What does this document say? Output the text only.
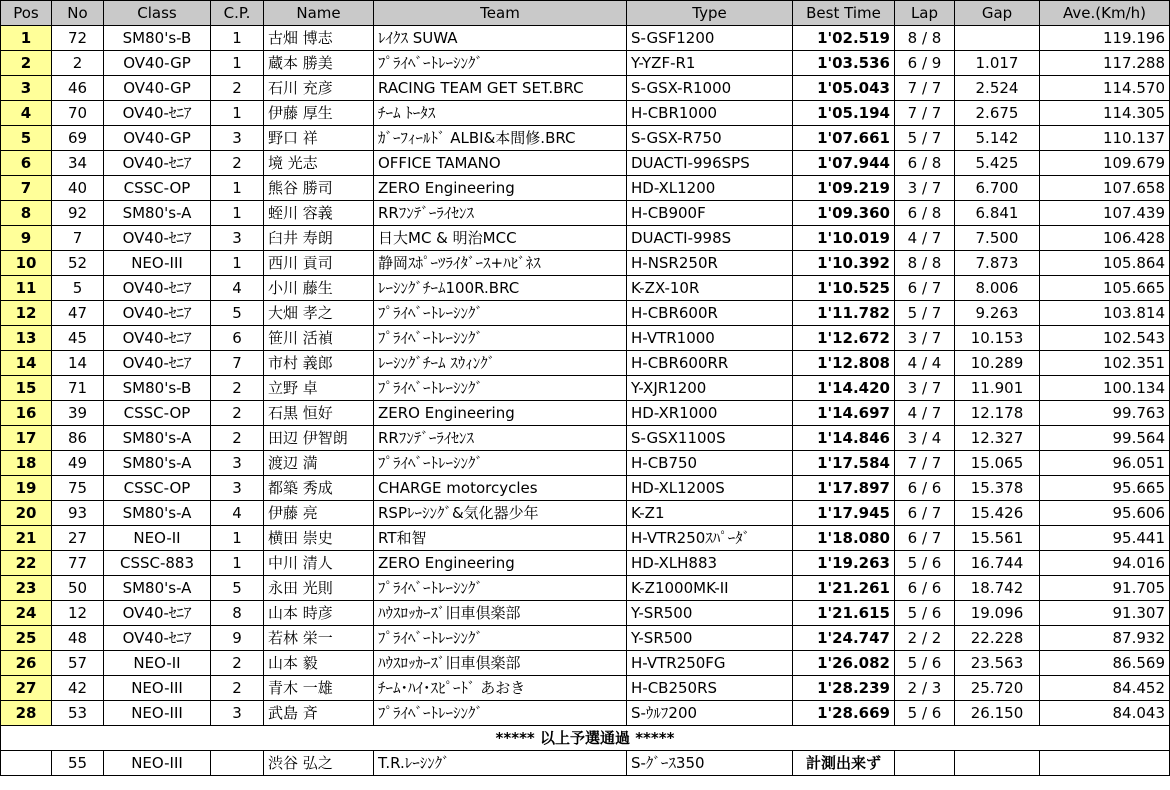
Pos	No	Class	C.P.	Name	Team	Type	Best Time	Lap	Gap	Ave.(Km/h)
1	72	SM80's-B	1	古畑 博志	ﾚｲｸｽ SUWA	S-GSF1200	1'02.519	8 / 8		119.196
2	2	OV40-GP	1	蔵本 勝美	ﾌﾟﾗｲﾍﾞｰﾄﾚｰｼﾝｸﾞ	Y-YZF-R1	1'03.536	6 / 9	1.017	117.288
3	46	OV40-GP	2	石川 充彦	RACING TEAM GET SET.BRC	S-GSX-R1000	1'05.043	7 / 7	2.524	114.570
4	70	OV40-ｾﾆｱ	1	伊藤 厚生	ﾁｰﾑ ﾄｰﾀｽ	H-CBR1000	1'05.194	7 / 7	2.675	114.305
5	69	OV40-GP	3	野口 祥	ｶﾞｰﾌｨｰﾙﾄﾞ ALBI&本間修.BRC	S-GSX-R750	1'07.661	5 / 7	5.142	110.137
6	34	OV40-ｾﾆｱ	2	境 光志	OFFICE TAMANO	DUACTI-996SPS	1'07.944	6 / 8	5.425	109.679
7	40	CSSC-OP	1	熊谷 勝司	ZERO Engineering	HD-XL1200	1'09.219	3 / 7	6.700	107.658
8	92	SM80's-A	1	蛭川 容義	RRﾌﾝﾃﾞｰﾗｲｾﾝｽ	H-CB900F	1'09.360	6 / 8	6.841	107.439
9	7	OV40-ｾﾆｱ	3	臼井 寿朗	日大MC & 明治MCC	DUACTI-998S	1'10.019	4 / 7	7.500	106.428
10	52	NEO-III	1	西川 貢司	静岡ｽﾎﾟｰﾂﾗｲﾀﾞｰｽ+ﾊﾋﾞﾈｽ	H-NSR250R	1'10.392	8 / 8	7.873	105.864
11	5	OV40-ｾﾆｱ	4	小川 藤生	ﾚｰｼﾝｸﾞﾁｰﾑ100R.BRC	K-ZX-10R	1'10.525	6 / 7	8.006	105.665
12	47	OV40-ｾﾆｱ	5	大畑 孝之	ﾌﾟﾗｲﾍﾞｰﾄﾚｰｼﾝｸﾞ	H-CBR600R	1'11.782	5 / 7	9.263	103.814
13	45	OV40-ｾﾆｱ	6	笹川 活禎	ﾌﾟﾗｲﾍﾞｰﾄﾚｰｼﾝｸﾞ	H-VTR1000	1'12.672	3 / 7	10.153	102.543
14	14	OV40-ｾﾆｱ	7	市村 義郎	ﾚｰｼﾝｸﾞﾁｰﾑ ｽｳｨﾝｸﾞ	H-CBR600RR	1'12.808	4 / 4	10.289	102.351
15	71	SM80's-B	2	立野 卓	ﾌﾟﾗｲﾍﾞｰﾄﾚｰｼﾝｸﾞ	Y-XJR1200	1'14.420	3 / 7	11.901	100.134
16	39	CSSC-OP	2	石黒 恒好	ZERO Engineering	HD-XR1000	1'14.697	4 / 7	12.178	99.763
17	86	SM80's-A	2	田辺 伊智朗	RRﾌﾝﾃﾞｰﾗｲｾﾝｽ	S-GSX1100S	1'14.846	3 / 4	12.327	99.564
18	49	SM80's-A	3	渡辺 満	ﾌﾟﾗｲﾍﾞｰﾄﾚｰｼﾝｸﾞ	H-CB750	1'17.584	7 / 7	15.065	96.051
19	75	CSSC-OP	3	都築 秀成	CHARGE motorcycles	HD-XL1200S	1'17.897	6 / 6	15.378	95.665
20	93	SM80's-A	4	伊藤 亮	RSPﾚｰｼﾝｸﾞ&気化器少年	K-Z1	1'17.945	6 / 7	15.426	95.606
21	27	NEO-II	1	横田 崇史	RT和智	H-VTR250ｽﾊﾟｰﾀﾞ	1'18.080	6 / 7	15.561	95.441
22	77	CSSC-883	1	中川 清人	ZERO Engineering	HD-XLH883	1'19.263	5 / 6	16.744	94.016
23	50	SM80's-A	5	永田 光則	ﾌﾟﾗｲﾍﾞｰﾄﾚｰｼﾝｸﾞ	K-Z1000MK-II	1'21.261	6 / 6	18.742	91.705
24	12	OV40-ｾﾆｱ	8	山本 時彦	ﾊｳｽﾛｯｶｰｽﾞ旧車倶楽部	Y-SR500	1'21.615	5 / 6	19.096	91.307
25	48	OV40-ｾﾆｱ	9	若林 栄一	ﾌﾟﾗｲﾍﾞｰﾄﾚｰｼﾝｸﾞ	Y-SR500	1'24.747	2 / 2	22.228	87.932
26	57	NEO-II	2	山本 毅	ﾊｳｽﾛｯｶｰｽﾞ旧車倶楽部	H-VTR250FG	1'26.082	5 / 6	23.563	86.569
27	42	NEO-III	2	青木 一雄	ﾁｰﾑ･ﾊｲ･ｽﾋﾟｰﾄﾞ あおき	H-CB250RS	1'28.239	2 / 3	25.720	84.452
28	53	NEO-III	3	武島 斉	ﾌﾟﾗｲﾍﾞｰﾄﾚｰｼﾝｸﾞ	S-ｳﾙﾌ200	1'28.669	5 / 6	26.150	84.043
***** 以上予選通過 *****										
	55	NEO-III		渋谷 弘之	T.R.ﾚｰｼﾝｸﾞ	S-ｸﾞｰｽ350	計測出来ず			
